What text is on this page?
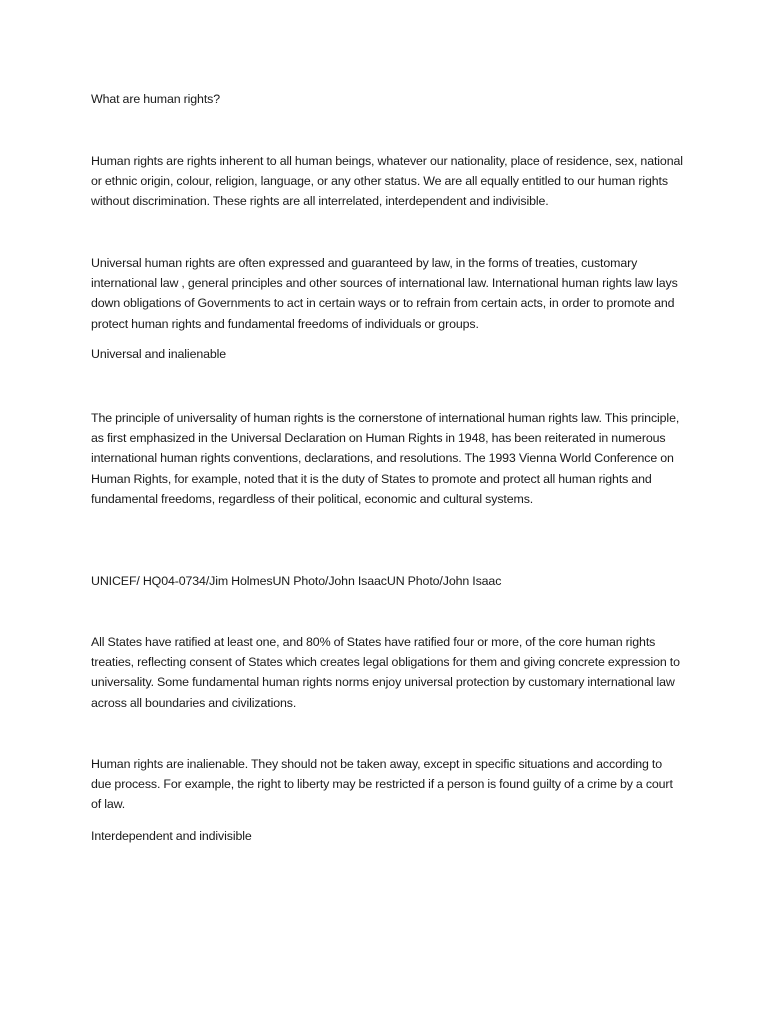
What are human rights?

Human rights are rights inherent to all human beings, whatever our nationality, place of residence, sex, national or ethnic origin, colour, religion, language, or any other status. We are all equally entitled to our human rights without discrimination. These rights are all interrelated, interdependent and indivisible.

Universal human rights are often expressed and guaranteed by law, in the forms of treaties, customary international law , general principles and other sources of international law. International human rights law lays down obligations of Governments to act in certain ways or to refrain from certain acts, in order to promote and protect human rights and fundamental freedoms of individuals or groups.

Universal and inalienable

The principle of universality of human rights is the cornerstone of international human rights law. This principle, as first emphasized in the Universal Declaration on Human Rights in 1948, has been reiterated in numerous international human rights conventions, declarations, and resolutions. The 1993 Vienna World Conference on Human Rights, for example, noted that it is the duty of States to promote and protect all human rights and fundamental freedoms, regardless of their political, economic and cultural systems.

UNICEF/ HQ04-0734/Jim HolmesUN Photo/John IsaacUN Photo/John Isaac

All States have ratified at least one, and 80% of States have ratified four or more, of the core human rights treaties, reflecting consent of States which creates legal obligations for them and giving concrete expression to universality. Some fundamental human rights norms enjoy universal protection by customary international law across all boundaries and civilizations.

Human rights are inalienable. They should not be taken away, except in specific situations and according to due process. For example, the right to liberty may be restricted if a person is found guilty of a crime by a court of law.

Interdependent and indivisible
